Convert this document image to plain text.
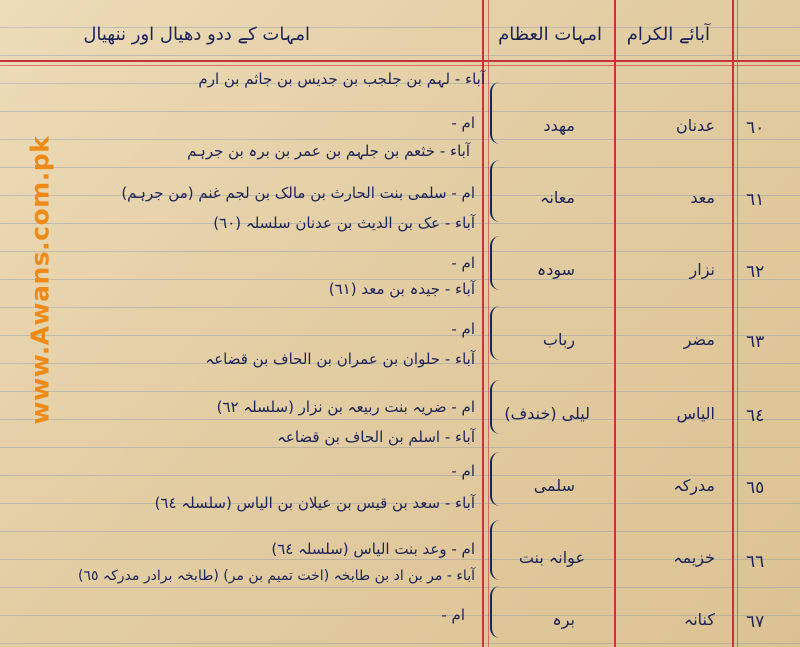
www.Awans.com.pk
آبائے الکرام
امہات العظام
امہات کے ددو دھیال اور ننھیال
٦٠
عدنان
مھدد
٦١
معد
معانہ
٦٢
نزار
سودہ
٦٣
مضر
رباب
٦٤
الیاس
لیلی (خندف)
٦٥
مدرکہ
سلمی
٦٦
خزیمہ
عوانہ بنت
٦٧
کنانہ
برہ
آباء - لہم بن جلجب بن جدیس بن جاثم بن ارم
ام -
آباء - خثعم بن جلہم بن عمر بن برہ بن جرہم
ام - سلمی بنت الحارث بن مالک بن لجم غنم (من جرہم)
آباء - عک بن الدیث بن عدنان سلسلہ (٦٠)
ام -
آباء - جیدہ بن معد (٦١)
ام -
آباء - حلوان بن عمران بن الحاف بن قضاعہ
ام - ضریہ بنت ربیعہ بن نزار (سلسلہ ٦٢)
آباء - اسلم بن الحاف بن قضاعہ
ام -
آباء - سعد بن قیس بن عیلان بن الیاس (سلسلہ ٦٤)
ام - وعد بنت الیاس (سلسلہ ٦٤)
آباء - مر بن اد بن طابخہ (اخت تمیم بن مر) (طابخہ برادر مدرکہ ٦٥)
ام -
